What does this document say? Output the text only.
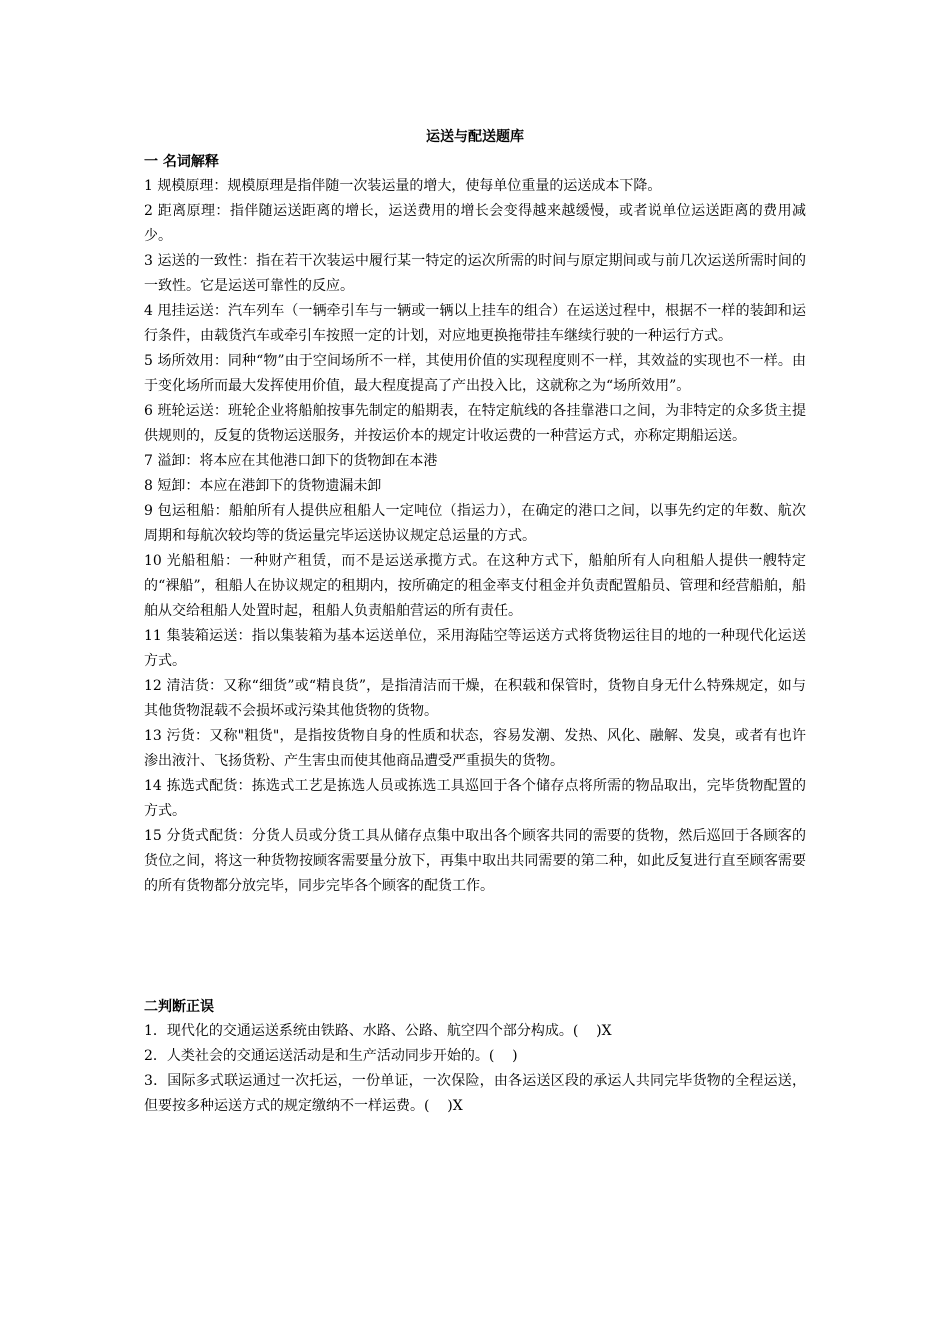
运送与配送题库

一 名词解释

1 规模原理：规模原理是指伴随一次装运量的增大，使每单位重量的运送成本下降。

2 距离原理：指伴随运送距离的增长，运送费用的增长会变得越来越缓慢，或者说单位运送距离的费用减少。

3 运送的一致性：指在若干次装运中履行某一特定的运次所需的时间与原定期间或与前几次运送所需时间的一致性。它是运送可靠性的反应。

4 甩挂运送：汽车列车（一辆牵引车与一辆或一辆以上挂车的组合）在运送过程中，根据不一样的装卸和运行条件，由载货汽车或牵引车按照一定的计划，对应地更换拖带挂车继续行驶的一种运行方式。

5 场所效用：同种“物”由于空间场所不一样，其使用价值的实现程度则不一样，其效益的实现也不一样。由于变化场所而最大发挥使用价值，最大程度提高了产出投入比，这就称之为“场所效用”。

6 班轮运送：班轮企业将船舶按事先制定的船期表，在特定航线的各挂靠港口之间，为非特定的众多货主提供规则的，反复的货物运送服务，并按运价本的规定计收运费的一种营运方式，亦称定期船运送。

7 溢卸：将本应在其他港口卸下的货物卸在本港

8 短卸：本应在港卸下的货物遗漏未卸

9 包运租船：船舶所有人提供应租船人一定吨位（指运力），在确定的港口之间，以事先约定的年数、航次周期和每航次较均等的货运量完毕运送协议规定总运量的方式。

10 光船租船：一种财产租赁，而不是运送承揽方式。在这种方式下，船舶所有人向租船人提供一艘特定的“裸船”，租船人在协议规定的租期内，按所确定的租金率支付租金并负责配置船员、管理和经营船舶，船舶从交给租船人处置时起，租船人负责船舶营运的所有责任。

11 集装箱运送：指以集装箱为基本运送单位，采用海陆空等运送方式将货物运往目的地的一种现代化运送方式。

12 清洁货：又称“细货”或“精良货”，是指清洁而干燥，在积载和保管时，货物自身无什么特殊规定，如与其他货物混载不会损坏或污染其他货物的货物。

13 污货：又称"粗货"，是指按货物自身的性质和状态，容易发潮、发热、风化、融解、发臭，或者有也许渗出液汁、飞扬货粉、产生害虫而使其他商品遭受严重损失的货物。

14 拣选式配货：拣选式工艺是拣选人员或拣选工具巡回于各个储存点将所需的物品取出，完毕货物配置的方式。

15 分货式配货：分货人员或分货工具从储存点集中取出各个顾客共同的需要的货物，然后巡回于各顾客的货位之间，将这一种货物按顾客需要量分放下，再集中取出共同需要的第二种，如此反复进行直至顾客需要的所有货物都分放完毕，同步完毕各个顾客的配货工作。

二判断正误

1．现代化的交通运送系统由铁路、水路、公路、航空四个部分构成。(    )X

2．人类社会的交通运送活动是和生产活动同步开始的。(    )

3．国际多式联运通过一次托运，一份单证，一次保险，由各运送区段的承运人共同完毕货物的全程运送，但要按多种运送方式的规定缴纳不一样运费。(    )X
